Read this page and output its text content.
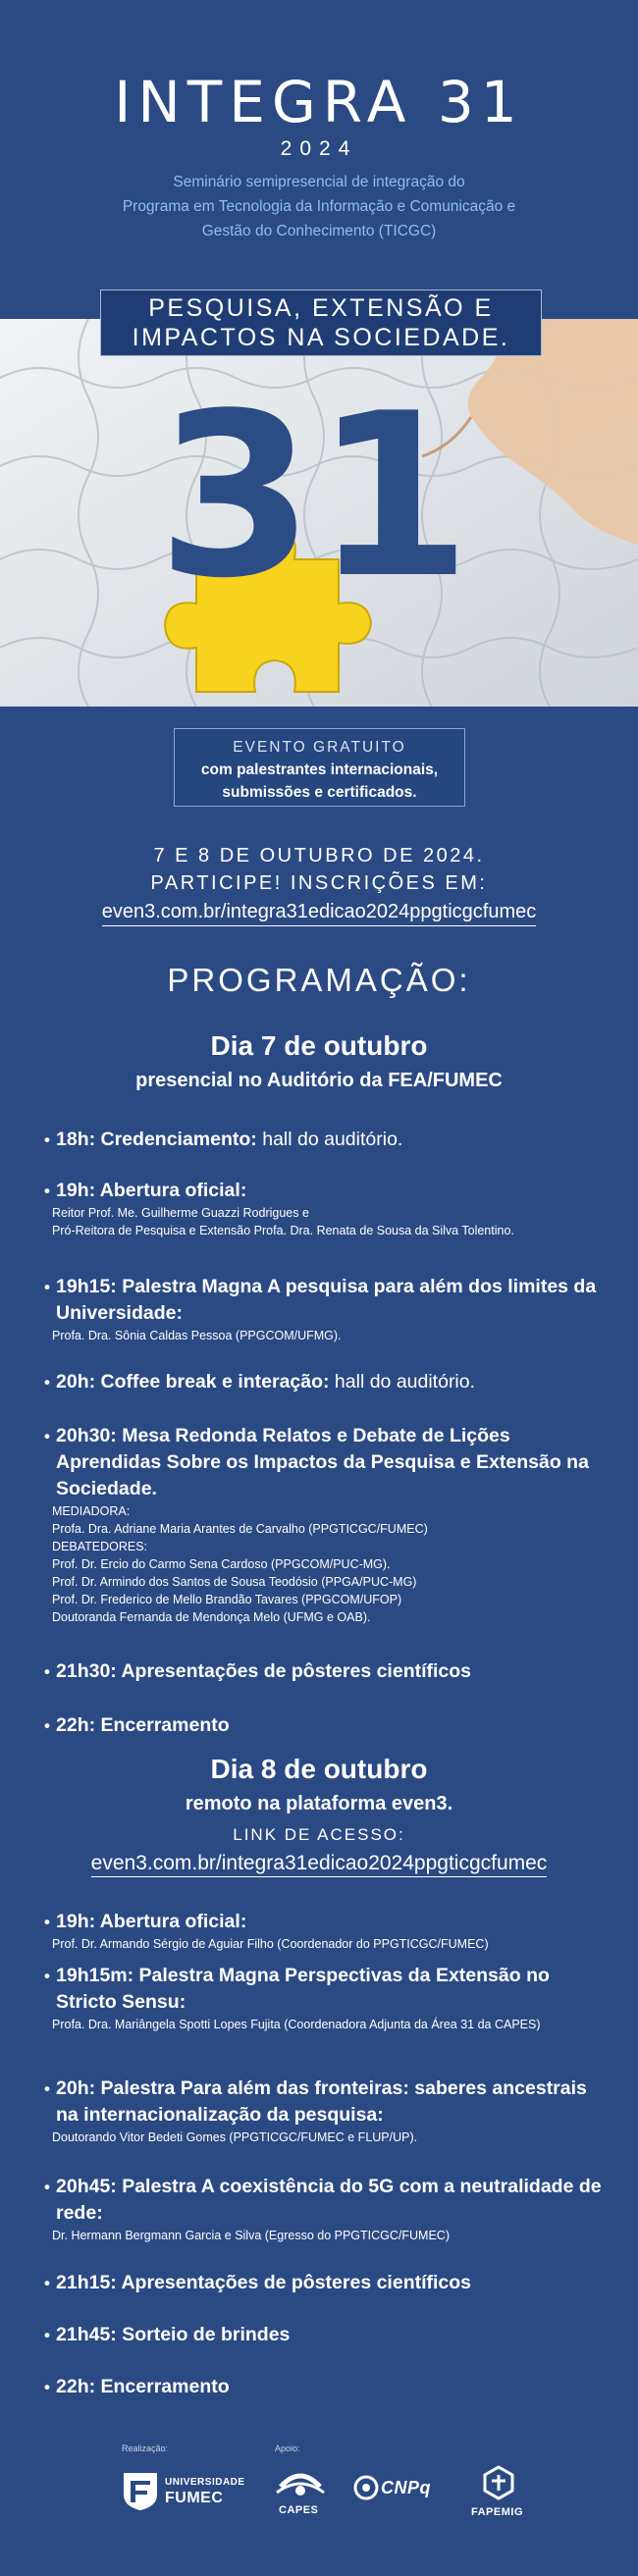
INTEGRA 31
2024
Seminário semipresencial de integração do
Programa em Tecnologia da Informação e Comunicação e
Gestão do Conhecimento (TICGC)
PESQUISA, EXTENSÃO E
IMPACTOS NA SOCIEDADE.
31
EVENTO GRATUITO
com palestrantes internacionais,
submissões e certificados.
7 E 8 DE OUTUBRO DE 2024.
PARTICIPE! INSCRIÇÕES EM:
even3.com.br/integra31edicao2024ppgticgcfumec
PROGRAMAÇÃO:
Dia 7 de outubro
presencial no Auditório da FEA/FUMEC
• 18h: Credenciamento: hall do auditório.
• 19h: Abertura oficial:
Reitor Prof. Me. Guilherme Guazzi Rodrigues e
Pró-Reitora de Pesquisa e Extensão Profa. Dra. Renata de Sousa da Silva Tolentino.
• 19h15: Palestra Magna A pesquisa para além dos limites da Universidade:
Profa. Dra. Sônia Caldas Pessoa (PPGCOM/UFMG).
• 20h: Coffee break e interação: hall do auditório.
• 20h30: Mesa Redonda Relatos e Debate de Lições Aprendidas Sobre os Impactos da Pesquisa e Extensão na Sociedade.
MEDIADORA:
Profa. Dra. Adriane Maria Arantes de Carvalho (PPGTICGC/FUMEC)
DEBATEDORES:
Prof. Dr. Ercio do Carmo Sena Cardoso (PPGCOM/PUC-MG).
Prof. Dr. Armindo dos Santos de Sousa Teodósio (PPGA/PUC-MG)
Prof. Dr. Frederico de Mello Brandão Tavares (PPGCOM/UFOP)
Doutoranda Fernanda de Mendonça Melo (UFMG e OAB).
• 21h30: Apresentações de pôsteres científicos
• 22h: Encerramento
Dia 8 de outubro
remoto na plataforma even3.
LINK DE ACESSO:
even3.com.br/integra31edicao2024ppgticgcfumec
• 19h: Abertura oficial:
Prof. Dr. Armando Sérgio de Aguiar Filho (Coordenador do PPGTICGC/FUMEC)
• 19h15m: Palestra Magna Perspectivas da Extensão no Stricto Sensu:
Profa. Dra. Mariângela Spotti Lopes Fujita (Coordenadora Adjunta da Área 31 da CAPES)
• 20h: Palestra Para além das fronteiras: saberes ancestrais na internacionalização da pesquisa:
Doutorando Vitor Bedeti Gomes (PPGTICGC/FUMEC e FLUP/UP).
• 20h45: Palestra A coexistência do 5G com a neutralidade de rede:
Dr. Hermann Bergmann Garcia e Silva (Egresso do PPGTICGC/FUMEC)
• 21h15: Apresentações de pôsteres científicos
• 21h45: Sorteio de brindes
• 22h: Encerramento
Realização:	Apoio:
UNIVERSIDADE
FUMEC
CAPES
CNPq
FAPEMIG
